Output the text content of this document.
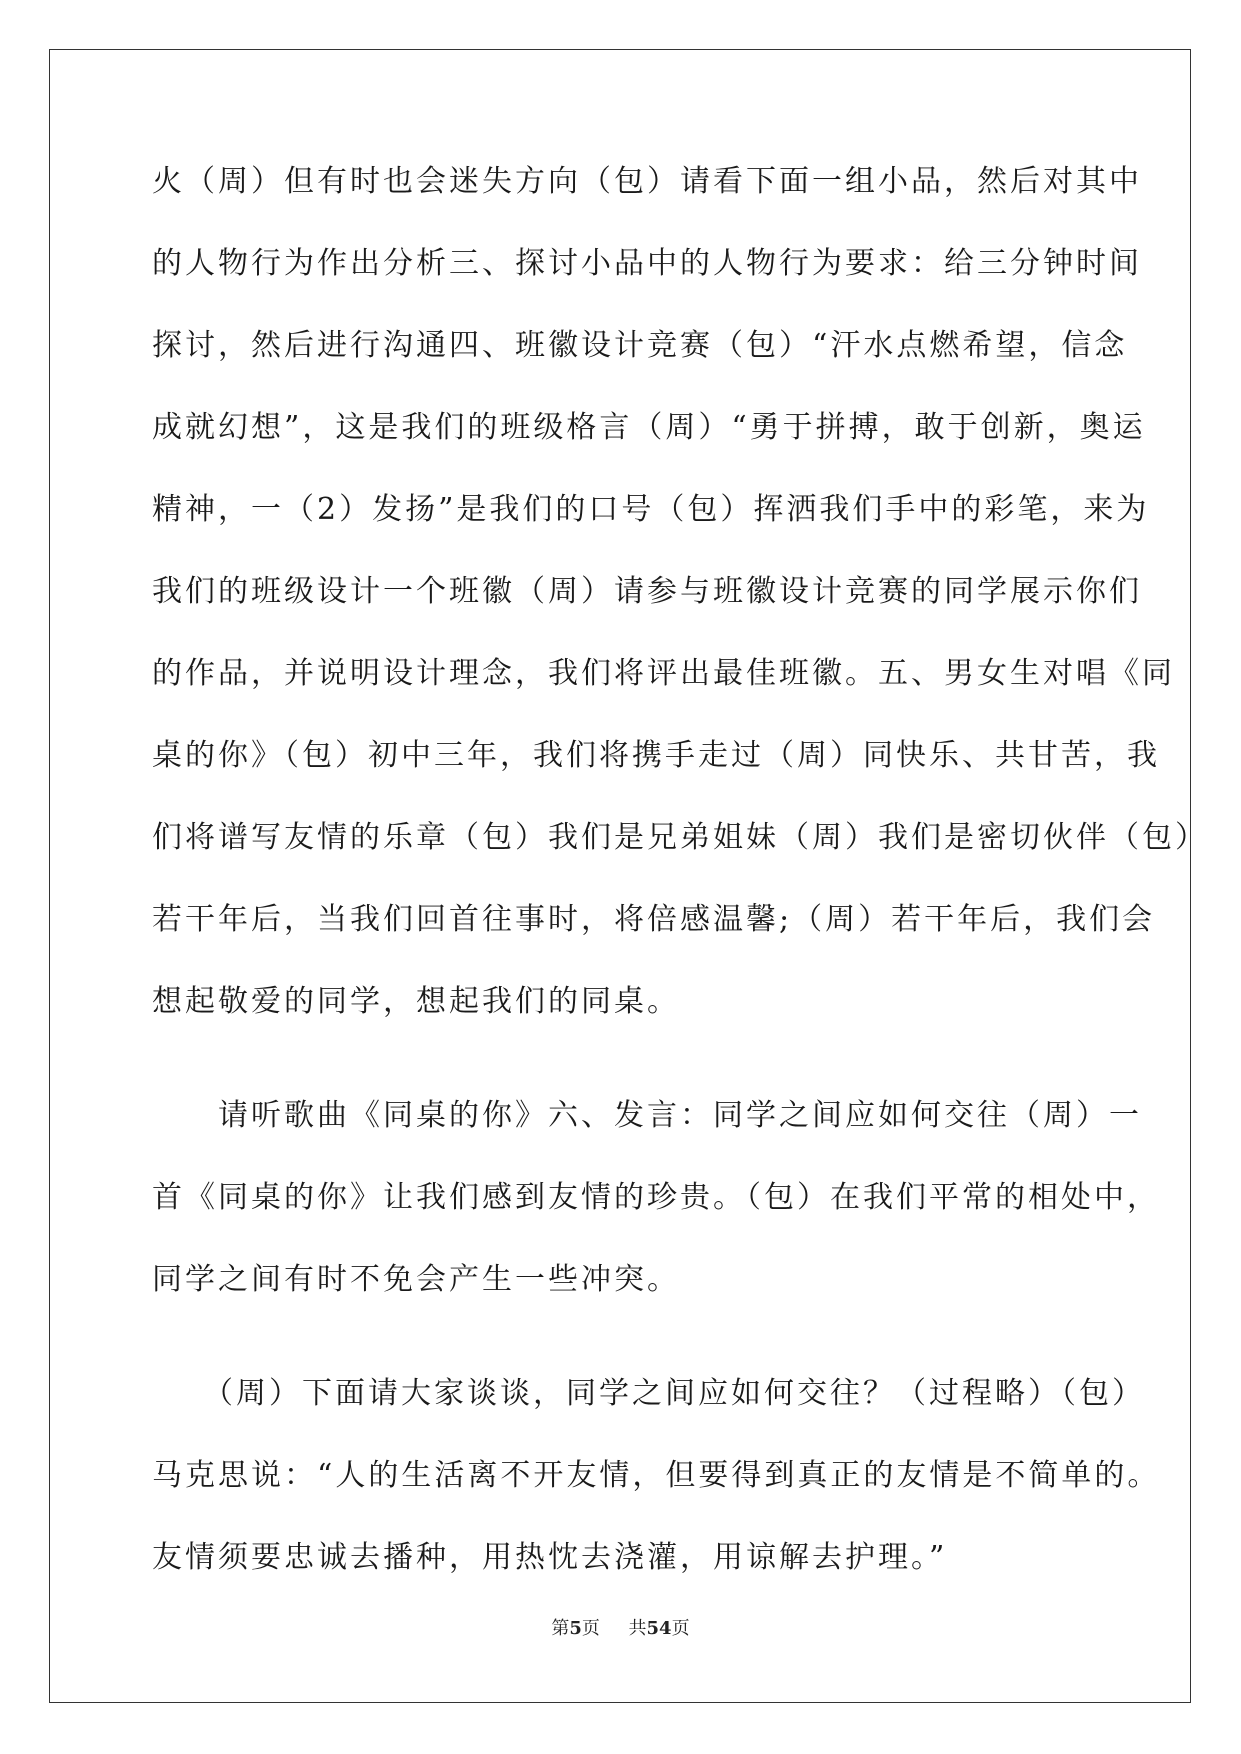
火（周）但有时也会迷失方向（包）请看下面一组小品，然后对其中
的人物行为作出分析三、探讨小品中的人物行为要求：给三分钟时间
探讨，然后进行沟通四、班徽设计竞赛（包）“汗水点燃希望，信念
成就幻想”，这是我们的班级格言（周）“勇于拼搏，敢于创新，奥运
精神，一（2）发扬”是我们的口号（包）挥洒我们手中的彩笔，来为
我们的班级设计一个班徽（周）请参与班徽设计竞赛的同学展示你们
的作品，并说明设计理念，我们将评出最佳班徽。五、男女生对唱《同
桌的你》（包）初中三年，我们将携手走过（周）同快乐、共甘苦，我
们将谱写友情的乐章（包）我们是兄弟姐妹（周）我们是密切伙伴（包）
若干年后，当我们回首往事时，将倍感温馨;（周）若干年后，我们会
想起敬爱的同学，想起我们的同桌。
　　请听歌曲《同桌的你》六、发言：同学之间应如何交往（周）一
首《同桌的你》让我们感到友情的珍贵。（包）在我们平常的相处中，
同学之间有时不免会产生一些冲突。
　　（周）下面请大家谈谈，同学之间应如何交往？（过程略）（包）
马克思说：“人的生活离不开友情，但要得到真正的友情是不简单的。
友情须要忠诚去播种，用热忱去浇灌，用谅解去护理。”
第5页 共54页
